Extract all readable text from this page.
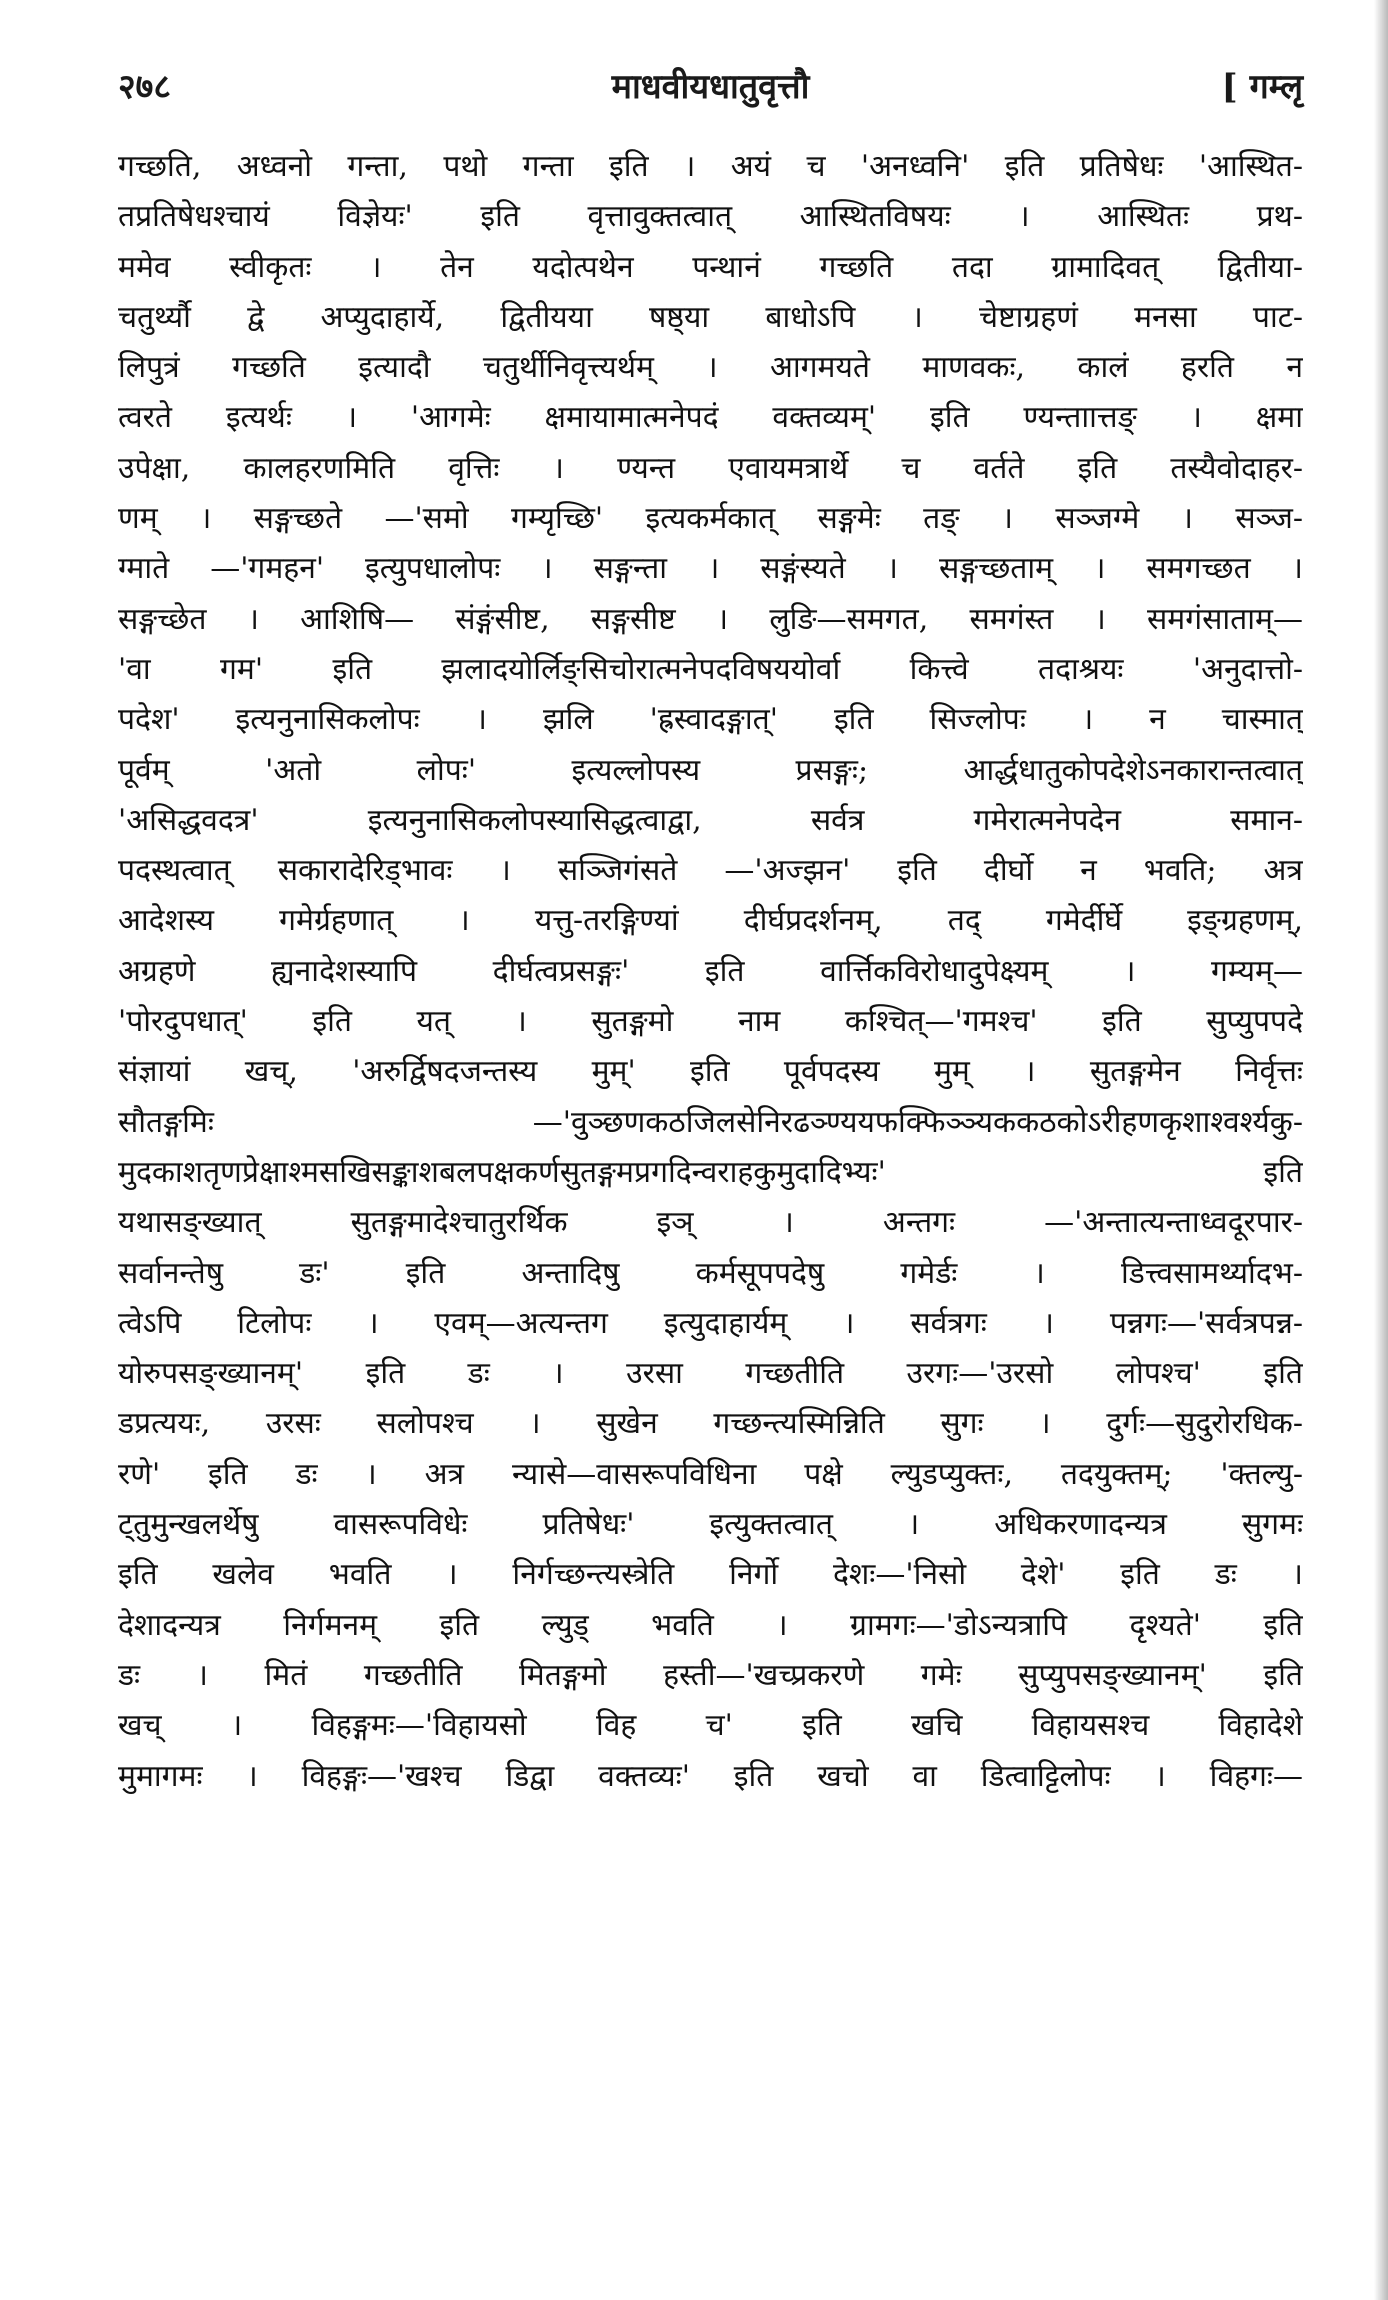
२७८	माधवीयधातुवृत्तौ	[ गम्लृ
गच्छति, अध्वनो गन्ता, पथो गन्ता इति । अयं च 'अनध्वनि' इति प्रतिषेधः 'आस्थित-
तप्रतिषेधश्चायं विज्ञेयः' इति वृत्तावुक्तत्वात् आस्थितविषयः । आस्थितः प्रथ-
ममेव स्वीकृतः । तेन यदोत्पथेन पन्थानं गच्छति तदा ग्रामादिवत् द्वितीया-
चतुर्थ्यौ द्वे अप्युदाहार्ये, द्वितीयया षष्ठ्या बाधोऽपि । चेष्टाग्रहणं मनसा पाट-
लिपुत्रं गच्छति इत्यादौ चतुर्थीनिवृत्त्यर्थम् । आगमयते माणवकः, कालं हरति न
त्वरते इत्यर्थः । 'आगमेः क्षमायामात्मनेपदं वक्तव्यम्' इति ण्यन्ताात्तङ् । क्षमा
उपेक्षा, कालहरणमिति वृत्तिः । ण्यन्त एवायमत्रार्थे च वर्तते इति तस्यैवोदाहर-
णम् । सङ्गच्छते —'समो गम्यृच्छि' इत्यकर्मकात् सङ्गमेः तङ् । सञ्जग्मे । सञ्ज-
ग्माते —'गमहन' इत्युपधालोपः । सङ्गन्ता । सङ्गंस्यते । सङ्गच्छताम् । समगच्छत ।
सङ्गच्छेत । आशिषि— संङ्गंसीष्ट, सङ्गसीष्ट । लुङि—समगत, समगंस्त । समगंसाताम्—
'वा गम' इति झलादयोर्लिङ्सिचोरात्मनेपदविषययोर्वा कित्त्वे तदाश्रयः 'अनुदात्तो-
पदेश' इत्यनुनासिकलोपः । झलि 'ह्रस्वादङ्गात्' इति सिज्लोपः । न चास्मात्
पूर्वम् 'अतो लोपः' इत्यल्लोपस्य प्रसङ्गः; आर्द्धधातुकोपदेशेऽनकारान्तत्वात्
'असिद्धवदत्र' इत्यनुनासिकलोपस्यासिद्धत्वाद्वा, सर्वत्र गमेरात्मनेपदेन समान-
पदस्थत्वात् सकारादेरिड्भावः । सञ्जिगंसते —'अज्झन' इति दीर्घो न भवति; अत्र
आदेशस्य गमेर्ग्रहणात् । यत्तु-तरङ्गिण्यां दीर्घप्रदर्शनम्, तद् गमेर्दीर्घे इङ्ग्रहणम्,
अग्रहणे ह्यनादेशस्यापि दीर्घत्वप्रसङ्गः' इति वार्त्तिकविरोधादुपेक्ष्यम् । गम्यम्—
'पोरदुपधात्' इति यत् । सुतङ्गमो नाम कश्चित्—'गमश्च' इति सुप्युपपदे
संज्ञायां खच्, 'अरुर्द्विषदजन्तस्य मुम्' इति पूर्वपदस्य मुम् । सुतङ्गमेन निर्वृत्तः
सौतङ्गमिः —'वुञ्छणकठजिलसेनिरढञ्ण्ययफक्फिञ्ञ्यककठकोऽरीहणकृशाश्वर्श्यकु-
मुदकाशतृणप्रेक्षाश्मसखिसङ्काशबलपक्षकर्णसुतङ्गमप्रगदिन्वराहकुमुदादिभ्यः' इति
यथासङ्ख्यात् सुतङ्गमादेश्चातुरर्थिक इञ् । अन्तगः —'अन्तात्यन्ताध्वदूरपार-
सर्वानन्तेषु डः' इति अन्तादिषु कर्मसूपपदेषु गमेर्डः । डित्त्वसामर्थ्यादभ-
त्वेऽपि टिलोपः । एवम्—अत्यन्तग इत्युदाहार्यम् । सर्वत्रगः । पन्नगः—'सर्वत्रपन्न-
योरुपसङ्ख्यानम्' इति डः । उरसा गच्छतीति उरगः—'उरसो लोपश्च' इति
डप्रत्ययः, उरसः सलोपश्च । सुखेन गच्छन्त्यस्मिन्निति सुगः । दुर्गः—सुदुरोरधिक-
रणे' इति डः । अत्र न्यासे—वासरूपविधिना पक्षे ल्युडप्युक्तः, तदयुक्तम्; 'क्तल्यु-
ट्तुमुन्खलर्थेषु वासरूपविधेः प्रतिषेधः' इत्युक्तत्वात् । अधिकरणादन्यत्र सुगमः
इति खलेव भवति । निर्गच्छन्त्यस्त्रेति निर्गो देशः—'निसो देशे' इति डः ।
देशादन्यत्र निर्गमनम् इति ल्युड् भवति । ग्रामगः—'डोऽन्यत्रापि दृश्यते' इति
डः । मितं गच्छतीति मितङ्गमो हस्ती—'खच्प्रकरणे गमेः सुप्युपसङ्ख्यानम्' इति
खच् । विहङ्गमः—'विहायसो विह च' इति खचि विहायसश्च विहादेशे
मुमागमः । विहङ्गः—'खश्च डिद्वा वक्तव्यः' इति खचो वा डित्वाट्टिलोपः । विहगः—
